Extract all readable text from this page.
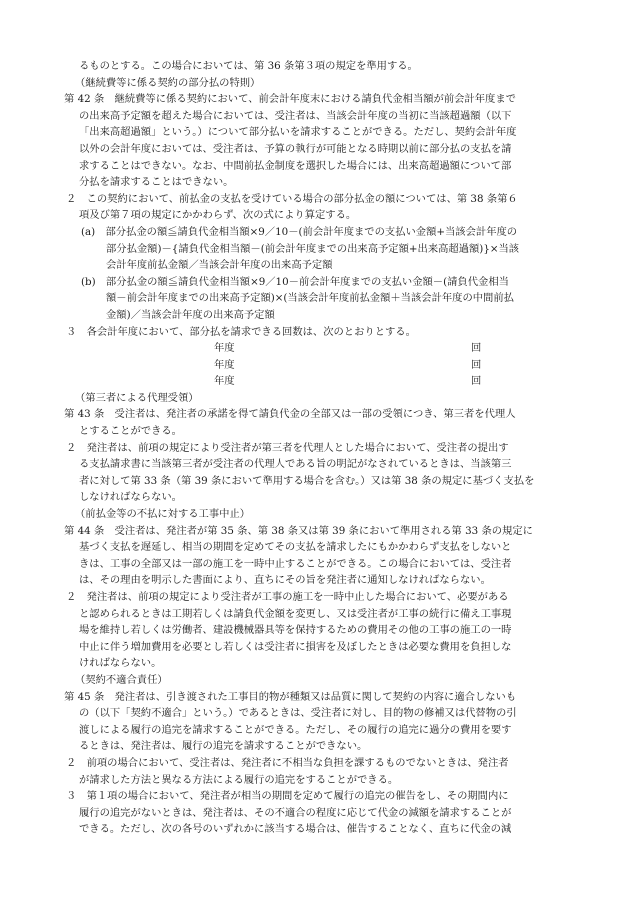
るものとする。この場合においては、第 36 条第３項の規定を準用する。
（継続費等に係る契約の部分払の特則）
第 42 条　継続費等に係る契約において、前会計年度末における請負代金相当額が前会計年度まで
の出来高予定額を超えた場合においては、受注者は、当該会計年度の当初に当該超過額（以下
「出来高超過額」という。）について部分払いを請求することができる。ただし、契約会計年度
以外の会計年度においては、受注者は、予算の執行が可能となる時期以前に部分払の支払を請
求することはできない。なお、中間前払金制度を選択した場合には、出来高超過額について部
分払を請求することはできない。
２　この契約において、前払金の支払を受けている場合の部分払金の額については、第 38 条第６
項及び第７項の規定にかかわらず、次の式により算定する。
(a)　部分払金の額≦請負代金相当額×9／10－(前会計年度までの支払い金額+当該会計年度の
部分払金額)－{請負代金相当額－(前会計年度までの出来高予定額+出来高超過額)}×当該
会計年度前払金額／当該会計年度の出来高予定額
(b)　部分払金の額≦請負代金相当額×9／10－前会計年度までの支払い金額－(請負代金相当
額－前会計年度までの出来高予定額)×(当該会計年度前払金額＋当該会計年度の中間前払
金額)／当該会計年度の出来高予定額
３　各会計年度において、部分払を請求できる回数は、次のとおりとする。
年度	回
年度	回
年度	回
（第三者による代理受領）
第 43 条　受注者は、発注者の承諾を得て請負代金の全部又は一部の受領につき、第三者を代理人
とすることができる。
２　発注者は、前項の規定により受注者が第三者を代理人とした場合において、受注者の提出す
る支払請求書に当該第三者が受注者の代理人である旨の明記がなされているときは、当該第三
者に対して第 33 条（第 39 条において準用する場合を含む。）又は第 38 条の規定に基づく支払を
しなければならない。
（前払金等の不払に対する工事中止）
第 44 条　受注者は、発注者が第 35 条、第 38 条又は第 39 条において準用される第 33 条の規定に
基づく支払を遅延し、相当の期間を定めてその支払を請求したにもかかわらず支払をしないと
きは、工事の全部又は一部の施工を一時中止することができる。この場合においては、受注者
は、その理由を明示した書面により、直ちにその旨を発注者に通知しなければならない。
２　発注者は、前項の規定により受注者が工事の施工を一時中止した場合において、必要がある
と認められるときは工期若しくは請負代金額を変更し、又は受注者が工事の続行に備え工事現
場を維持し若しくは労働者、建設機械器具等を保持するための費用その他の工事の施工の一時
中止に伴う増加費用を必要とし若しくは受注者に損害を及ぼしたときは必要な費用を負担しな
ければならない。
（契約不適合責任）
第 45 条　発注者は、引き渡された工事目的物が種類又は品質に関して契約の内容に適合しないも
の（以下「契約不適合」という。）であるときは、受注者に対し、目的物の修補又は代替物の引
渡しによる履行の追完を請求することができる。ただし、その履行の追完に過分の費用を要す
るときは、発注者は、履行の追完を請求することができない。
２　前項の場合において、受注者は、発注者に不相当な負担を課するものでないときは、発注者
が請求した方法と異なる方法による履行の追完をすることができる。
３　第１項の場合において、発注者が相当の期間を定めて履行の追完の催告をし、その期間内に
履行の追完がないときは、発注者は、その不適合の程度に応じて代金の減額を請求することが
できる。ただし、次の各号のいずれかに該当する場合は、催告することなく、直ちに代金の減
